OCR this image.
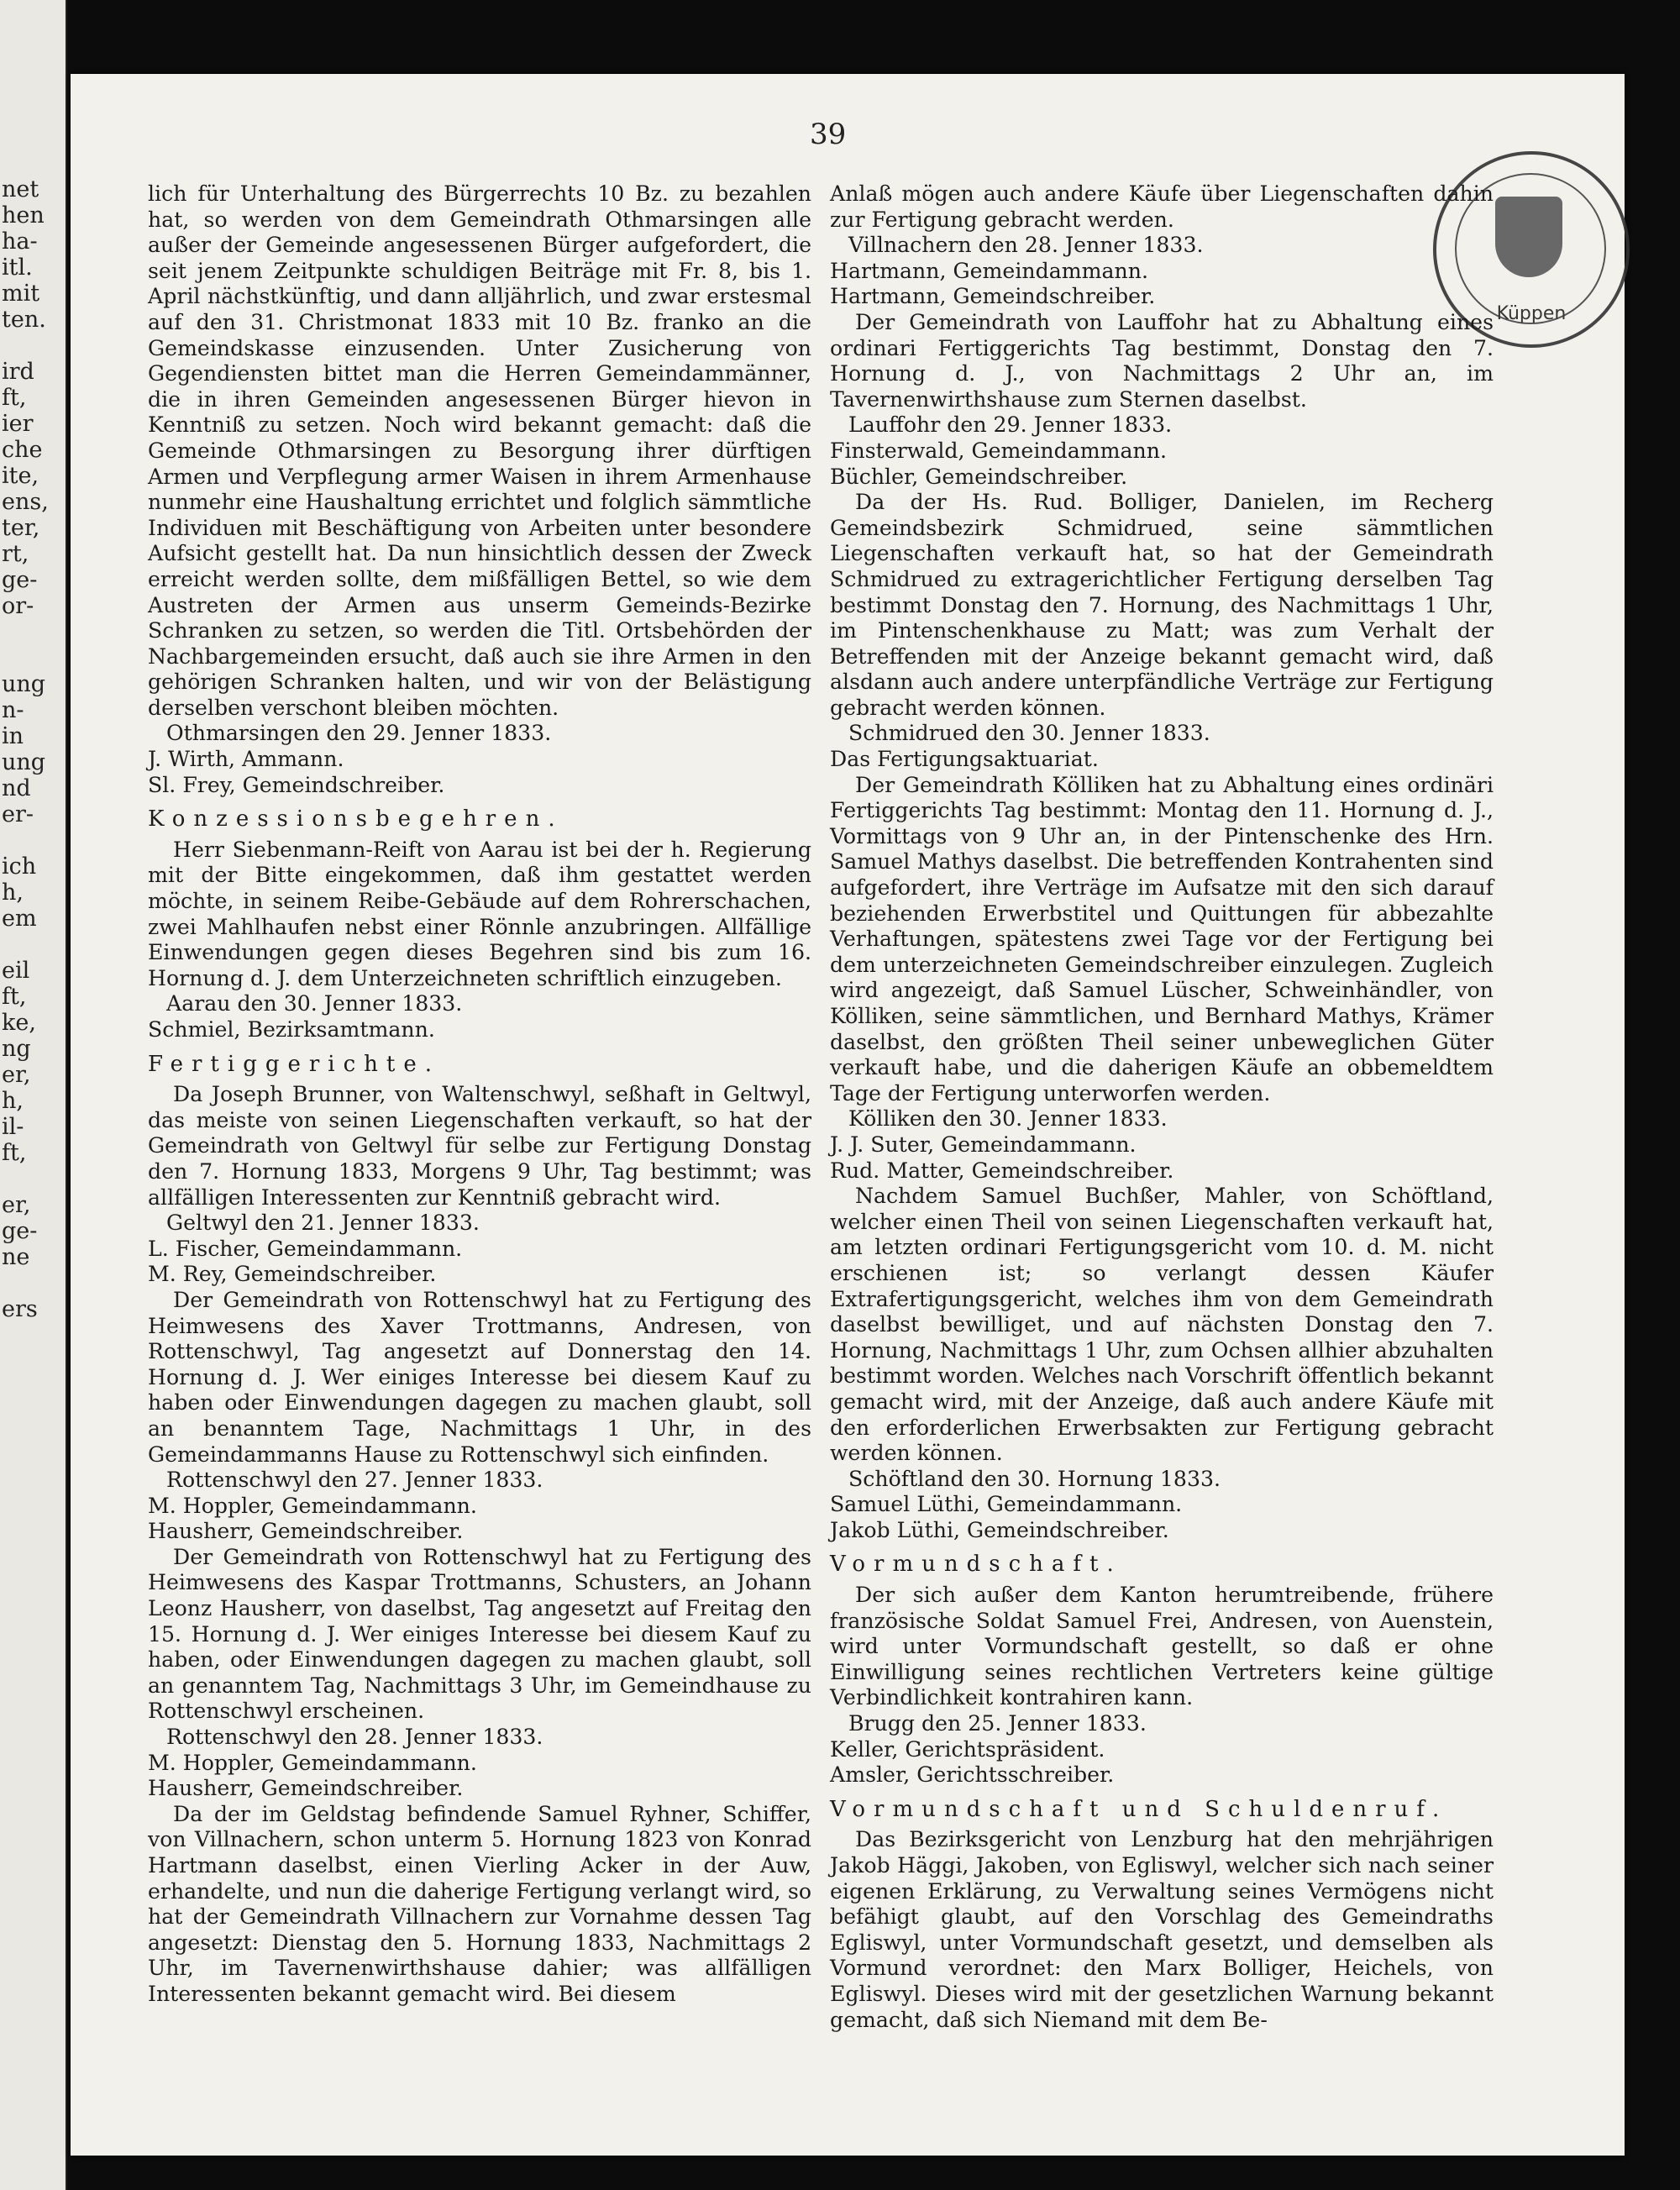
net
hen
ha-
itl.
mit
ten.
ird
ft,
ier
che
ite,
ens,
ter,
rt,
ge-
or-
ung
n-
in
ung
nd
er-
ich
h,
em
eil
ft,
ke,
ng
er,
h,
il-
ft,
er,
ge-
ne
ers
39
Küppen

lich für Unterhaltung des Bürgerrechts 10 Bz. zu bezahlen hat, so werden von dem Gemeindrath Othmarsingen alle außer der Gemeinde angesessenen Bürger aufgefordert, die seit jenem Zeitpunkte schuldigen Beiträge mit Fr. 8, bis 1. April nächstkünftig, und dann alljährlich, und zwar erstesmal auf den 31. Christmonat 1833 mit 10 Bz. franko an die Gemeindskasse einzusenden. Unter Zusicherung von Gegendiensten bittet man die Herren Gemeindammänner, die in ihren Gemeinden angesessenen Bürger hievon in Kenntniß zu setzen. Noch wird bekannt gemacht: daß die Gemeinde Othmarsingen zu Besorgung ihrer dürftigen Armen und Verpflegung armer Waisen in ihrem Armenhause nunmehr eine Haushaltung errichtet und folglich sämmtliche Individuen mit Beschäftigung von Arbeiten unter besondere Aufsicht gestellt hat. Da nun hinsichtlich dessen der Zweck erreicht werden sollte, dem mißfälligen Bettel, so wie dem Austreten der Armen aus unserm Gemeinds-Bezirke Schranken zu setzen, so werden die Titl. Ortsbehörden der Nachbargemeinden ersucht, daß auch sie ihre Armen in den gehörigen Schranken halten, und wir von der Belästigung derselben verschont bleiben möchten.

Othmarsingen den 29. Jenner 1833.

J. Wirth, Ammann.

Sl. Frey, Gemeindschreiber.

Konzessionsbegehren.

Herr Siebenmann-Reift von Aarau ist bei der h. Regierung mit der Bitte eingekommen, daß ihm gestattet werden möchte, in seinem Reibe-Gebäude auf dem Rohrerschachen, zwei Mahlhaufen nebst einer Rönnle anzubringen. Allfällige Einwendungen gegen dieses Begehren sind bis zum 16. Hornung d. J. dem Unterzeichneten schriftlich einzugeben.

Aarau den 30. Jenner 1833.

Schmiel, Bezirksamtmann.

Fertiggerichte.

Da Joseph Brunner, von Waltenschwyl, seßhaft in Geltwyl, das meiste von seinen Liegenschaften verkauft, so hat der Gemeindrath von Geltwyl für selbe zur Fertigung Donstag den 7. Hornung 1833, Morgens 9 Uhr, Tag bestimmt; was allfälligen Interessenten zur Kenntniß gebracht wird.

Geltwyl den 21. Jenner 1833.

L. Fischer, Gemeindammann.

M. Rey, Gemeindschreiber.

Der Gemeindrath von Rottenschwyl hat zu Fertigung des Heimwesens des Xaver Trottmanns, Andresen, von Rottenschwyl, Tag angesetzt auf Donnerstag den 14. Hornung d. J. Wer einiges Interesse bei diesem Kauf zu haben oder Einwendungen dagegen zu machen glaubt, soll an benanntem Tage, Nachmittags 1 Uhr, in des Gemeindammanns Hause zu Rottenschwyl sich einfinden.

Rottenschwyl den 27. Jenner 1833.

M. Hoppler, Gemeindammann.

Hausherr, Gemeindschreiber.

Der Gemeindrath von Rottenschwyl hat zu Fertigung des Heimwesens des Kaspar Trottmanns, Schusters, an Johann Leonz Hausherr, von daselbst, Tag angesetzt auf Freitag den 15. Hornung d. J. Wer einiges Interesse bei diesem Kauf zu haben, oder Einwendungen dagegen zu machen glaubt, soll an genanntem Tag, Nachmittags 3 Uhr, im Gemeindhause zu Rottenschwyl erscheinen.

Rottenschwyl den 28. Jenner 1833.

M. Hoppler, Gemeindammann.

Hausherr, Gemeindschreiber.

Da der im Geldstag befindende Samuel Ryhner, Schiffer, von Villnachern, schon unterm 5. Hornung 1823 von Konrad Hartmann daselbst, einen Vierling Acker in der Auw, erhandelte, und nun die daherige Fertigung verlangt wird, so hat der Gemeindrath Villnachern zur Vornahme dessen Tag angesetzt: Dienstag den 5. Hornung 1833, Nachmittags 2 Uhr, im Tavernenwirthshause dahier; was allfälligen Interessenten bekannt gemacht wird. Bei diesem

Anlaß mögen auch andere Käufe über Liegenschaften dahin zur Fertigung gebracht werden.

Villnachern den 28. Jenner 1833.

Hartmann, Gemeindammann.

Hartmann, Gemeindschreiber.

Der Gemeindrath von Lauffohr hat zu Abhaltung eines ordinari Fertiggerichts Tag bestimmt, Donstag den 7. Hornung d. J., von Nachmittags 2 Uhr an, im Tavernenwirthshause zum Sternen daselbst.

Lauffohr den 29. Jenner 1833.

Finsterwald, Gemeindammann.

Büchler, Gemeindschreiber.

Da der Hs. Rud. Bolliger, Danielen, im Recherg Gemeindsbezirk Schmidrued, seine sämmtlichen Liegenschaften verkauft hat, so hat der Gemeindrath Schmidrued zu extragerichtlicher Fertigung derselben Tag bestimmt Donstag den 7. Hornung, des Nachmittags 1 Uhr, im Pintenschenkhause zu Matt; was zum Verhalt der Betreffenden mit der Anzeige bekannt gemacht wird, daß alsdann auch andere unterpfändliche Verträge zur Fertigung gebracht werden können.

Schmidrued den 30. Jenner 1833.

Das Fertigungsaktuariat.

Der Gemeindrath Kölliken hat zu Abhaltung eines ordinäri Fertiggerichts Tag bestimmt: Montag den 11. Hornung d. J., Vormittags von 9 Uhr an, in der Pintenschenke des Hrn. Samuel Mathys daselbst. Die betreffenden Kontrahenten sind aufgefordert, ihre Verträge im Aufsatze mit den sich darauf beziehenden Erwerbstitel und Quittungen für abbezahlte Verhaftungen, spätestens zwei Tage vor der Fertigung bei dem unterzeichneten Gemeindschreiber einzulegen. Zugleich wird angezeigt, daß Samuel Lüscher, Schweinhändler, von Kölliken, seine sämmtlichen, und Bernhard Mathys, Krämer daselbst, den größten Theil seiner unbeweglichen Güter verkauft habe, und die daherigen Käufe an obbemeldtem Tage der Fertigung unterworfen werden.

Kölliken den 30. Jenner 1833.

J. J. Suter, Gemeindammann.

Rud. Matter, Gemeindschreiber.

Nachdem Samuel Buchßer, Mahler, von Schöftland, welcher einen Theil von seinen Liegenschaften verkauft hat, am letzten ordinari Fertigungsgericht vom 10. d. M. nicht erschienen ist; so verlangt dessen Käufer Extrafertigungsgericht, welches ihm von dem Gemeindrath daselbst bewilliget, und auf nächsten Donstag den 7. Hornung, Nachmittags 1 Uhr, zum Ochsen allhier abzuhalten bestimmt worden. Welches nach Vorschrift öffentlich bekannt gemacht wird, mit der Anzeige, daß auch andere Käufe mit den erforderlichen Erwerbsakten zur Fertigung gebracht werden können.

Schöftland den 30. Hornung 1833.

Samuel Lüthi, Gemeindammann.

Jakob Lüthi, Gemeindschreiber.

Vormundschaft.

Der sich außer dem Kanton herumtreibende, frühere französische Soldat Samuel Frei, Andresen, von Auenstein, wird unter Vormundschaft gestellt, so daß er ohne Einwilligung seines rechtlichen Vertreters keine gültige Verbindlichkeit kontrahiren kann.

Brugg den 25. Jenner 1833.

Keller, Gerichtspräsident.

Amsler, Gerichtsschreiber.

Vormundschaft und Schuldenruf.

Das Bezirksgericht von Lenzburg hat den mehrjährigen Jakob Häggi, Jakoben, von Egliswyl, welcher sich nach seiner eigenen Erklärung, zu Verwaltung seines Vermögens nicht befähigt glaubt, auf den Vorschlag des Gemeindraths Egliswyl, unter Vormundschaft gesetzt, und demselben als Vormund verordnet: den Marx Bolliger, Heichels, von Egliswyl. Dieses wird mit der gesetzlichen Warnung bekannt gemacht, daß sich Niemand mit dem Be-
